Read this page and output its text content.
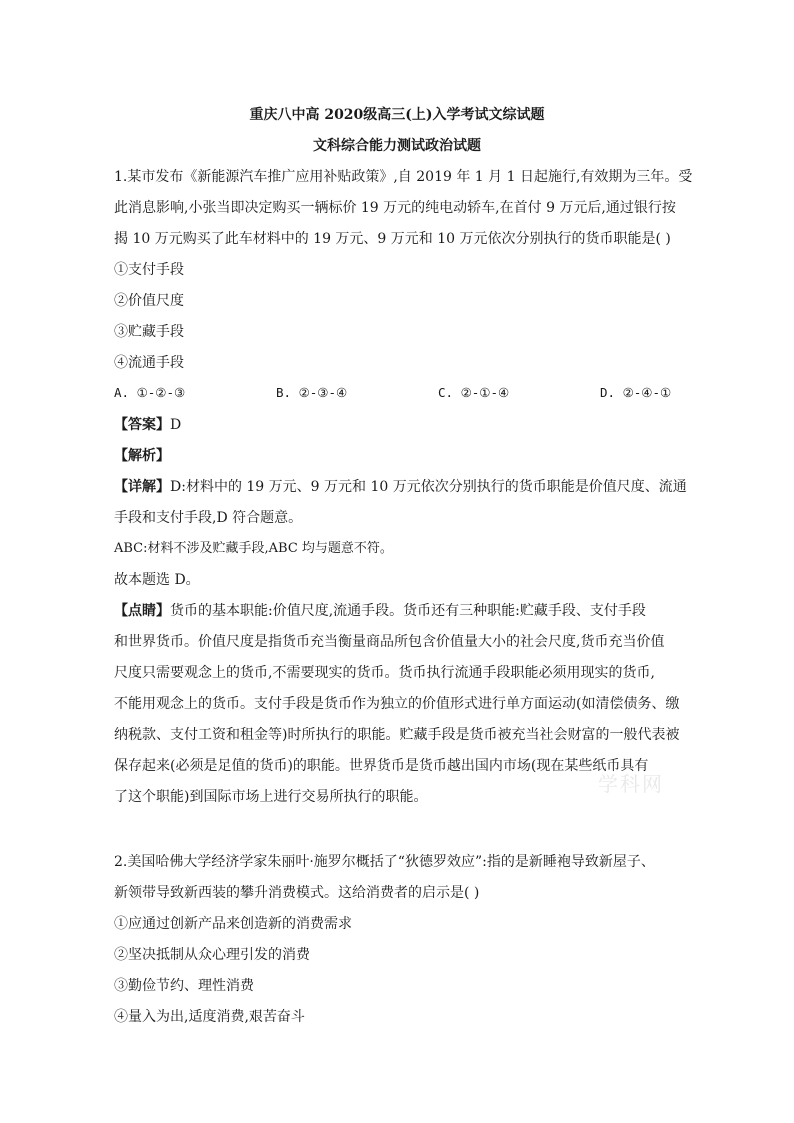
重庆八中高 2020级高三(上)入学考试文综试题
文科综合能力测试政治试题
1.某市发布《新能源汽车推广应用补贴政策》,自 2019 年 1 月 1 日起施行,有效期为三年。受
此消息影响,小张当即决定购买一辆标价 19 万元的纯电动轿车,在首付 9 万元后,通过银行按
揭 10 万元购买了此车材料中的 19 万元、9 万元和 10 万元依次分别执行的货币职能是( )
①支付手段
②价值尺度
③贮藏手段
④流通手段
A. ①-②-③	B. ②-③-④	C. ②-①-④	D. ②-④-①
【答案】D
【解析】
【详解】D:材料中的 19 万元、9 万元和 10 万元依次分别执行的货币职能是价值尺度、流通
手段和支付手段,D 符合题意。
ABC:材料不涉及贮藏手段,ABC 均与题意不符。
故本题选 D。
【点睛】货币的基本职能:价值尺度,流通手段。货币还有三种职能:贮藏手段、支付手段
和世界货币。价值尺度是指货币充当衡量商品所包含价值量大小的社会尺度,货币充当价值
尺度只需要观念上的货币,不需要现实的货币。货币执行流通手段职能必须用现实的货币,
不能用观念上的货币。支付手段是货币作为独立的价值形式进行单方面运动(如清偿债务、缴
纳税款、支付工资和租金等)时所执行的职能。贮藏手段是货币被充当社会财富的一般代表被
保存起来(必须是足值的货币)的职能。世界货币是货币越出国内市场(现在某些纸币具有
了这个职能)到国际市场上进行交易所执行的职能。
2.美国哈佛大学经济学家朱丽叶·施罗尔概括了“狄德罗效应”:指的是新睡袍导致新屋子、
新领带导致新西装的攀升消费模式。这给消费者的启示是( )
①应通过创新产品来创造新的消费需求
②坚决抵制从众心理引发的消费
③勤俭节约、理性消费
④量入为出,适度消费,艰苦奋斗
学科网
